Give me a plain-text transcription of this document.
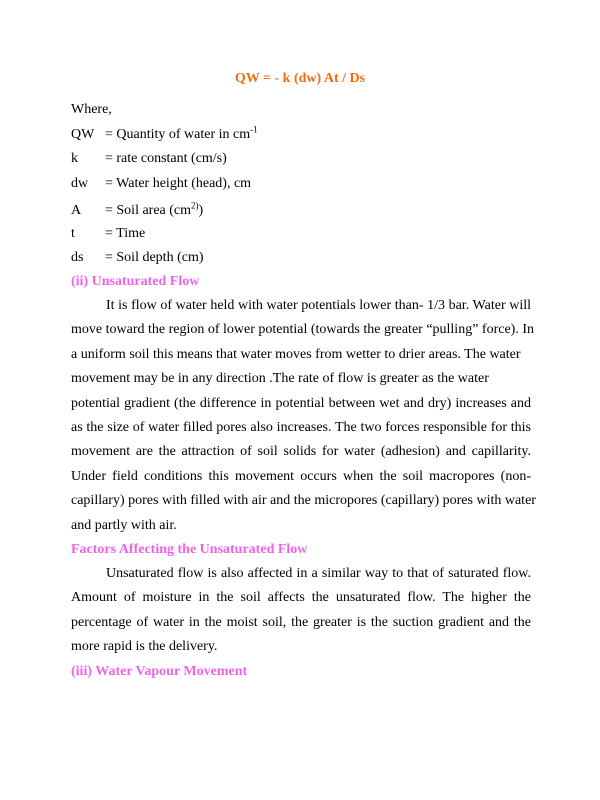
QW = - k (dw) At / Ds
Where,
QW = Quantity of water in $cm^{-1}$
k = rate constant (cm/s)
dw = Water height (head), cm
A = Soil area $(cm^{2)})$
t = Time
ds = Soil depth (cm)
(ii) Unsaturated Flow
It is flow of water held with water potentials lower than- 1/3 bar. Water will
move toward the region of lower potential (towards the greater “pulling” force). In
a uniform soil this means that water moves from wetter to drier areas. The water
movement may be in any direction .The rate of flow is greater as the water
potential gradient (the difference in potential between wet and dry) increases and
as the size of water filled pores also increases. The two forces responsible for this
movement are the attraction of soil solids for water (adhesion) and capillarity.
Under field conditions this movement occurs when the soil macropores (non-
capillary) pores with filled with air and the micropores (capillary) pores with water
and partly with air.
Factors Affecting the Unsaturated Flow
Unsaturated flow is also affected in a similar way to that of saturated flow.
Amount of moisture in the soil affects the unsaturated flow. The higher the
percentage of water in the moist soil, the greater is the suction gradient and the
more rapid is the delivery.
(iii) Water Vapour Movement
